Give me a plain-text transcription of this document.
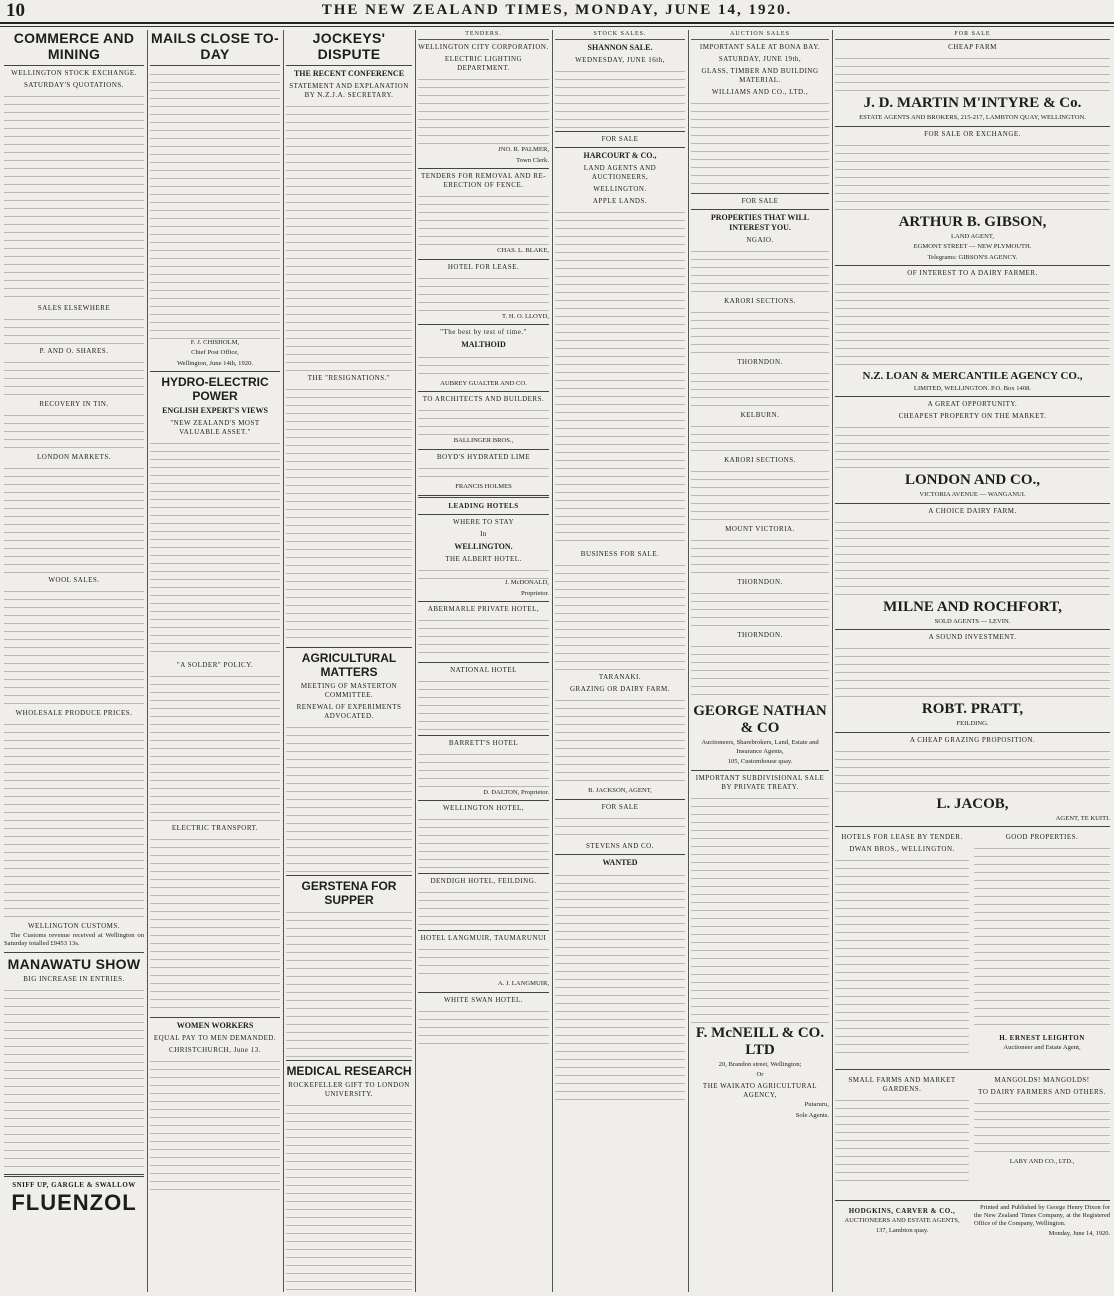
10	THE NEW ZEALAND TIMES, MONDAY, JUNE 14, 1920.
COMMERCE AND MINING
WELLINGTON STOCK EXCHANGE.
SATURDAY'S QUOTATIONS.
SALES ELSEWHERE
P. AND O. SHARES.
RECOVERY IN TIN.
LONDON MARKETS.
WOOL SALES.
WHOLESALE PRODUCE PRICES.
WELLINGTON CUSTOMS.

The Customs revenue received at Wellington on Saturday totalled £9453 13s.

MANAWATU SHOW
BIG INCREASE IN ENTRIES.
SNIFF UP, GARGLE & SWALLOW
FLUENZOL
MAILS CLOSE TO-DAY

F. J. CHISHOLM,

Chief Post Office,

Wellington, June 14th, 1920.

HYDRO-ELECTRIC POWER
ENGLISH EXPERT'S VIEWS
"NEW ZEALAND'S MOST VALUABLE ASSET."
"A SOLDER" POLICY.
ELECTRIC TRANSPORT.
WOMEN WORKERS
EQUAL PAY TO MEN DEMANDED.
CHRISTCHURCH, June 13.
JOCKEYS' DISPUTE
THE RECENT CONFERENCE
STATEMENT AND EXPLANATION BY N.Z.J.A. SECRETARY.
THE "RESIGNATIONS."
AGRICULTURAL MATTERS
MEETING OF MASTERTON COMMITTEE.
RENEWAL OF EXPERIMENTS ADVOCATED.
GERSTENA FOR SUPPER
MEDICAL RESEARCH
ROCKEFELLER GIFT TO LONDON UNIVERSITY.
TENDERS.
WELLINGTON CITY CORPORATION.
ELECTRIC LIGHTING DEPARTMENT.

JNO. R. PALMER,

Town Clerk.

TENDERS FOR REMOVAL AND RE-ERECTION OF FENCE.

CHAS. L. BLAKE,

HOTEL FOR LEASE.

T. H. O. LLOYD,

"The best by test of time."
MALTHOID

AUBREY GUALTER AND CO.

TO ARCHITECTS AND BUILDERS.

BALLINGER BROS.,

BOYD'S HYDRATED LIME

FRANCIS HOLMES

LEADING HOTELS
WHERE TO STAY
In
WELLINGTON.
THE ALBERT HOTEL.

J. McDONALD,

Proprietor.

ABERMARLE PRIVATE HOTEL,
NATIONAL HOTEL
BARRETT'S HOTEL

D. DALTON, Proprietor.

WELLINGTON HOTEL,
DENDIGH HOTEL, FEILDING.
HOTEL LANGMUIR, TAUMARUNUI

A. J. LANGMUIR,

WHITE SWAN HOTEL.
STOCK SALES.
SHANNON SALE.
WEDNESDAY, JUNE 16th,
FOR SALE
HARCOURT & CO.,
LAND AGENTS AND AUCTIONEERS,
WELLINGTON.
APPLE LANDS.
BUSINESS FOR SALE.
TARANAKI.
GRAZING OR DAIRY FARM.

B. JACKSON, AGENT,

FOR SALE
STEVENS AND CO.
WANTED
AUCTION SALES
IMPORTANT SALE AT BONA BAY.
SATURDAY, JUNE 19th,
GLASS, TIMBER AND BUILDING MATERIAL.
WILLIAMS AND CO., LTD.,
FOR SALE
PROPERTIES THAT WILL INTEREST YOU.
NGAIO.
KARORI SECTIONS.
THORNDON.
KELBURN.
KARORI SECTIONS.
MOUNT VICTORIA.
THORNDON.
THORNDON.
GEORGE NATHAN & CO

Auctioneers, Sharebrokers, Land, Estate and Insurance Agents,

105, Customhouse quay.

IMPORTANT SUBDIVISIONAL SALE BY PRIVATE TREATY.
F. McNEILL & CO. LTD

20, Brandon street, Wellington;

Or

THE WAIKATO AGRICULTURAL AGENCY,

Putaruru,

Sole Agents.

FOR SALE
CHEAP FARM
J. D. MARTIN M'INTYRE & Co.

ESTATE AGENTS AND BROKERS, 215-217, LAMBTON QUAY, WELLINGTON.

FOR SALE OR EXCHANGE.
ARTHUR B. GIBSON,

LAND AGENT,

EGMONT STREET — NEW PLYMOUTH.

Telegrams: GIBSON'S AGENCY.

OF INTEREST TO A DAIRY FARMER.
N.Z. LOAN & MERCANTILE AGENCY CO.,

LIMITED, WELLINGTON. P.O. Box 1408.

A GREAT OPPORTUNITY.
CHEAPEST PROPERTY ON THE MARKET.
LONDON AND CO.,

VICTORIA AVENUE — WANGANUI.

A CHOICE DAIRY FARM.
MILNE AND ROCHFORT,

SOLD AGENTS — LEVIN.

A SOUND INVESTMENT.
ROBT. PRATT,

FEILDING.

A CHEAP GRAZING PROPOSITION.
L. JACOB,

AGENT, TE KUITI.

HOTELS FOR LEASE BY TENDER.
DWAN BROS., WELLINGTON.
GOOD PROPERTIES.
H. ERNEST LEIGHTON

Auctioneer and Estate Agent,

SMALL FARMS AND MARKET GARDENS.
MANGOLDS! MANGOLDS!
TO DAIRY FARMERS AND OTHERS.

LABY AND CO., LTD.,

HODGKINS, CARVER & CO.,

AUCTIONEERS AND ESTATE AGENTS,

137, Lambton quay.

Printed and Published by George Henry Dixon for the New Zealand Times Company, at the Registered Office of the Company, Wellington.

Monday, June 14, 1920.
